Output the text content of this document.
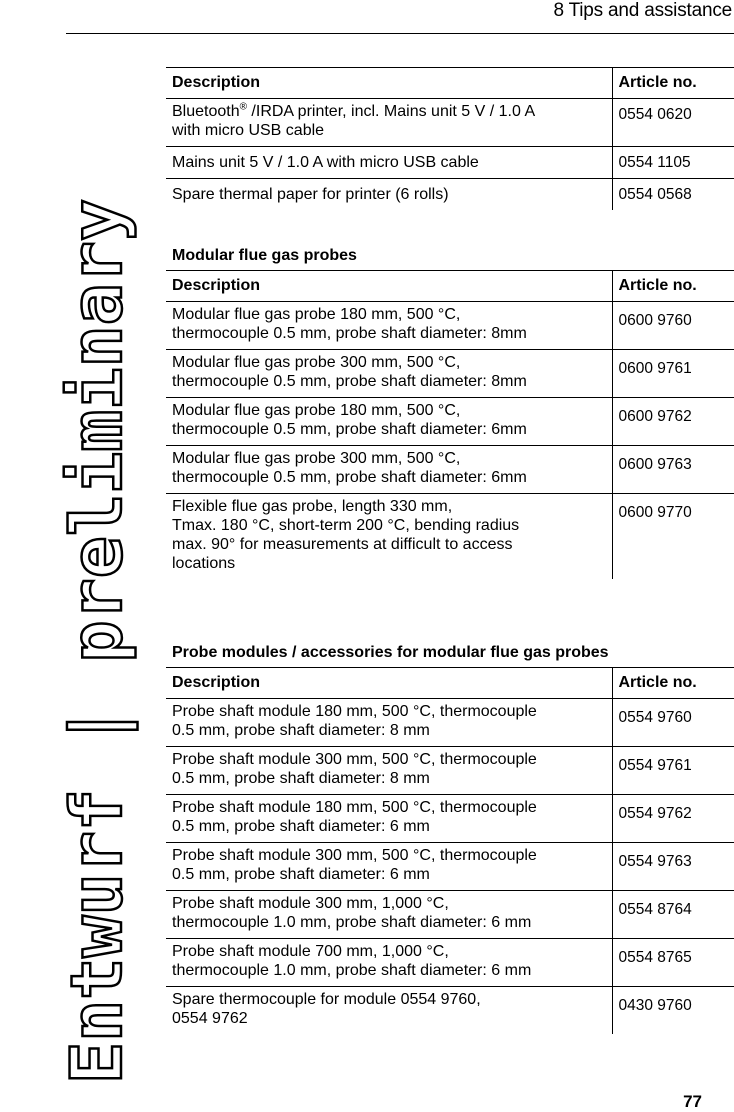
8 Tips and assistance
Entwurf | preliminary
Description	Article no.
Bluetooth® /IRDA printer, incl. Mains unit 5 V / 1.0 A
with micro USB cable	0554 0620
Mains unit 5 V / 1.0 A with micro USB cable	0554 1105
Spare thermal paper for printer (6 rolls)	0554 0568
Modular flue gas probes
Description	Article no.
Modular flue gas probe 180 mm, 500 °C,
thermocouple 0.5 mm, probe shaft diameter: 8mm	0600 9760
Modular flue gas probe 300 mm, 500 °C,
thermocouple 0.5 mm, probe shaft diameter: 8mm	0600 9761
Modular flue gas probe 180 mm, 500 °C,
thermocouple 0.5 mm, probe shaft diameter: 6mm	0600 9762
Modular flue gas probe 300 mm, 500 °C,
thermocouple 0.5 mm, probe shaft diameter: 6mm	0600 9763
Flexible flue gas probe, length 330 mm,
Tmax. 180 °C, short-term 200 °C, bending radius
max. 90° for measurements at difficult to access
locations	0600 9770
Probe modules / accessories for modular flue gas probes
Description	Article no.
Probe shaft module 180 mm, 500 °C, thermocouple
0.5 mm, probe shaft diameter: 8 mm	0554 9760
Probe shaft module 300 mm, 500 °C, thermocouple
0.5 mm, probe shaft diameter: 8 mm	0554 9761
Probe shaft module 180 mm, 500 °C, thermocouple
0.5 mm, probe shaft diameter: 6 mm	0554 9762
Probe shaft module 300 mm, 500 °C, thermocouple
0.5 mm, probe shaft diameter: 6 mm	0554 9763
Probe shaft module 300 mm, 1,000 °C,
thermocouple 1.0 mm, probe shaft diameter: 6 mm	0554 8764
Probe shaft module 700 mm, 1,000 °C,
thermocouple 1.0 mm, probe shaft diameter: 6 mm	0554 8765
Spare thermocouple for module 0554 9760,
0554 9762	0430 9760
77
